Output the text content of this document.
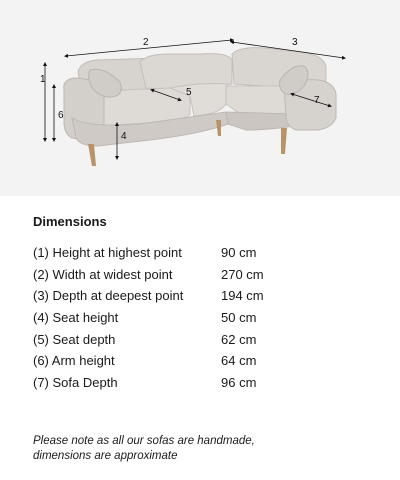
1
2	3
4
5
6
7
Dimensions
(1) Height at highest point	90 cm
(2) Width at widest point	270 cm
(3) Depth at deepest point	194 cm
(4) Seat height	50 cm
(5) Seat depth	62 cm
(6) Arm height	64 cm
(7) Sofa Depth	96 cm
Please note as all our sofas are handmade,
dimensions are approximate
